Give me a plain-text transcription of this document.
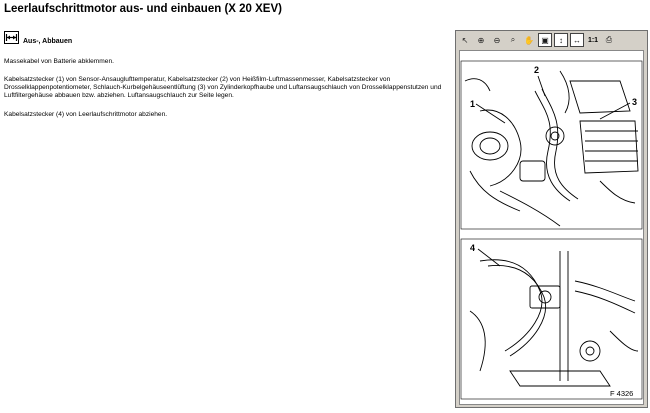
Leerlaufschrittmotor aus- und einbauen (X 20 XEV)
Aus-, Abbauen

Massekabel von Batterie abklemmen.

Kabelsatzstecker (1) von Sensor-Ansauglufttemperatur, Kabelsatzstecker (2) von Heißfilm-Luftmassenmesser, Kabelsatzstecker von Drosselklappenpotentiometer, Schlauch-Kurbelgehäuseentlüftung (3) von Zylinderkopfhaube und Luftansaugschlauch von Drosselklappenstutzen und Luftfiltergehäuse abbauen bzw. abziehen. Luftansaugschlauch zur Seite legen.

Kabelsatzstecker (4) von Leerlaufschrittmotor abziehen.

↖	⊕	⊖	⌕	✋ ▣	↕	↔ 1:1 ⎙
1
2
3
4
F 4326
